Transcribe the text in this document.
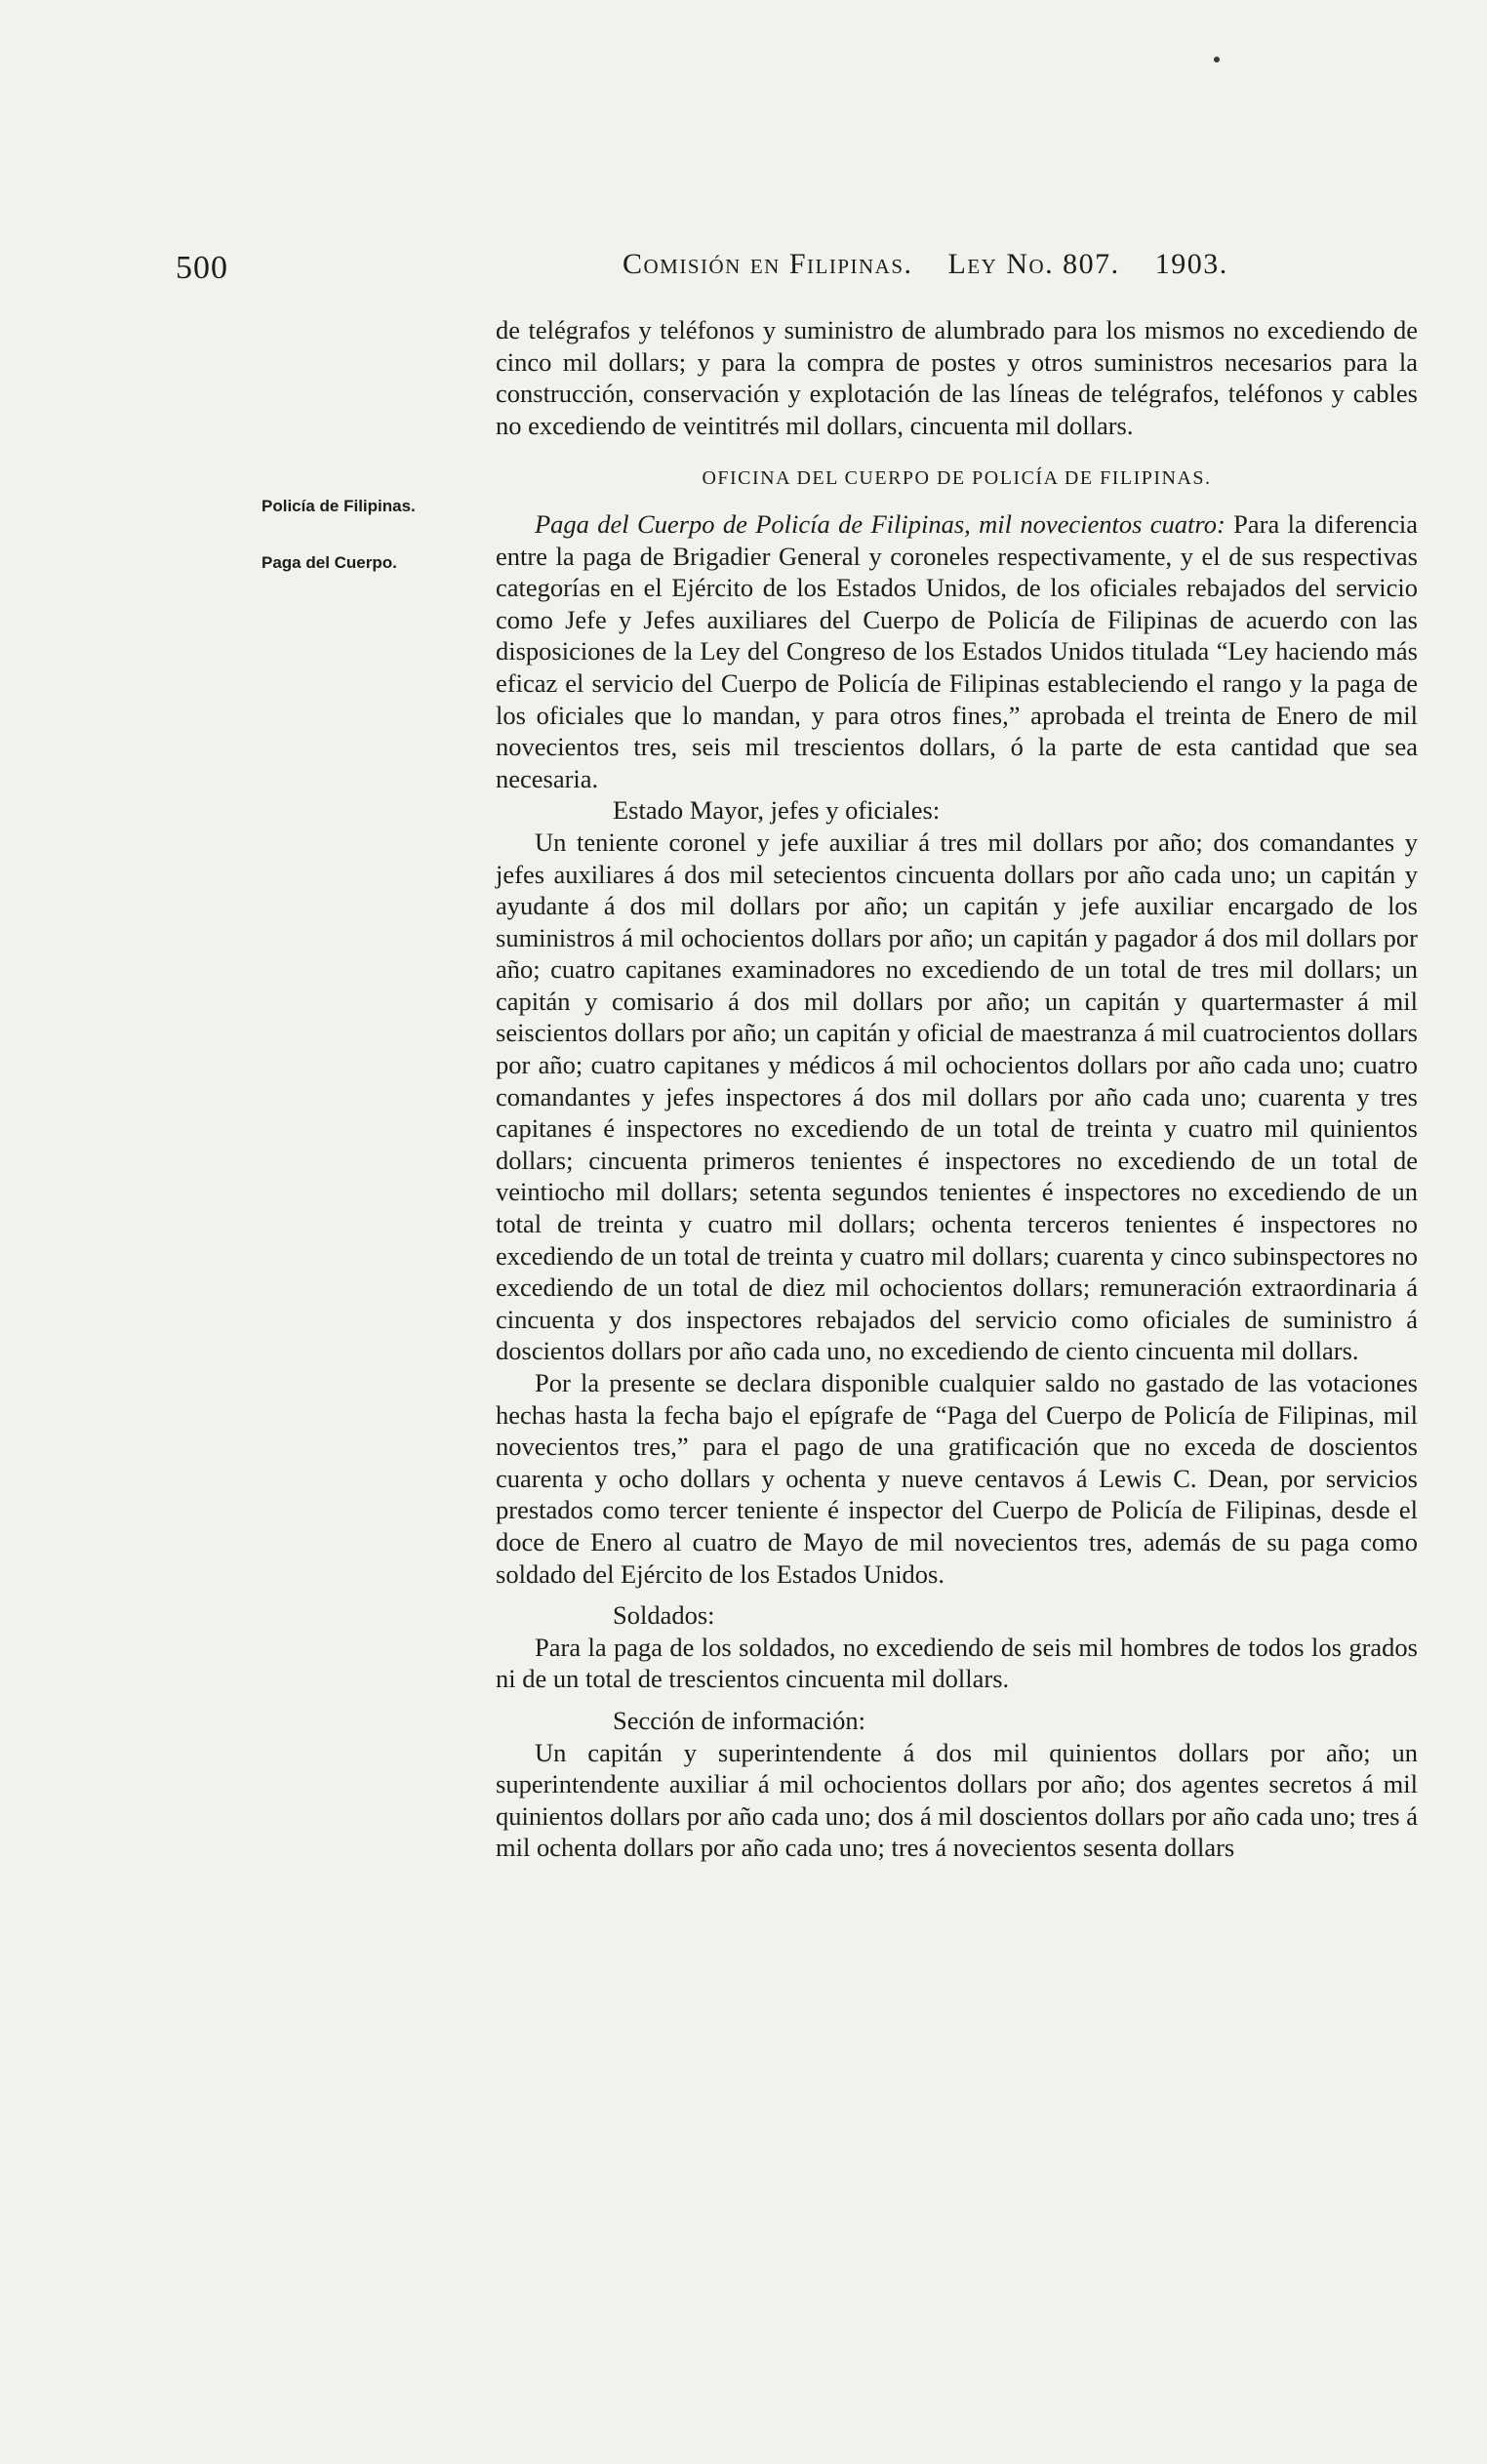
500	Comisión en Filipinas. Ley No. 807. 1903.
Policía de Filipinas.
Paga del Cuerpo.

de telégrafos y teléfonos y suministro de alumbrado para los mismos no excediendo de cinco mil dollars; y para la compra de postes y otros suministros necesarios para la construcción, conservación y explotación de las líneas de telégrafos, teléfonos y cables no excediendo de veintitrés mil dollars, cincuenta mil dollars.

OFICINA DEL CUERPO DE POLICÍA DE FILIPINAS.

Paga del Cuerpo de Policía de Filipinas, mil novecientos cuatro: Para la diferencia entre la paga de Brigadier General y coroneles respectivamente, y el de sus respectivas categorías en el Ejército de los Estados Unidos, de los oficiales rebajados del servicio como Jefe y Jefes auxiliares del Cuerpo de Policía de Filipinas de acuerdo con las disposiciones de la Ley del Congreso de los Estados Unidos titulada “Ley haciendo más eficaz el servicio del Cuerpo de Policía de Filipinas estableciendo el rango y la paga de los oficiales que lo mandan, y para otros fines,” aprobada el treinta de Enero de mil novecientos tres, seis mil trescientos dollars, ó la parte de esta cantidad que sea necesaria.

Estado Mayor, jefes y oficiales:

Un teniente coronel y jefe auxiliar á tres mil dollars por año; dos comandantes y jefes auxiliares á dos mil setecientos cincuenta dollars por año cada uno; un capitán y ayudante á dos mil dollars por año; un capitán y jefe auxiliar encargado de los suministros á mil ochocientos dollars por año; un capitán y pagador á dos mil dollars por año; cuatro capitanes examinadores no excediendo de un total de tres mil dollars; un capitán y comisario á dos mil dollars por año; un capitán y quartermaster á mil seiscientos dollars por año; un capitán y oficial de maestranza á mil cuatrocientos dollars por año; cuatro capitanes y médicos á mil ochocientos dollars por año cada uno; cuatro comandantes y jefes inspectores á dos mil dollars por año cada uno; cuarenta y tres capitanes é inspectores no excediendo de un total de treinta y cuatro mil quinientos dollars; cincuenta primeros tenientes é inspectores no excediendo de un total de veintiocho mil dollars; setenta segundos tenientes é inspectores no excediendo de un total de treinta y cuatro mil dollars; ochenta terceros tenientes é inspectores no excediendo de un total de treinta y cuatro mil dollars; cuarenta y cinco subinspectores no excediendo de un total de diez mil ochocientos dollars; remuneración extraordinaria á cincuenta y dos inspectores rebajados del servicio como oficiales de suministro á doscientos dollars por año cada uno, no excediendo de ciento cincuenta mil dollars.

Por la presente se declara disponible cualquier saldo no gastado de las votaciones hechas hasta la fecha bajo el epígrafe de “Paga del Cuerpo de Policía de Filipinas, mil novecientos tres,” para el pago de una gratificación que no exceda de doscientos cuarenta y ocho dollars y ochenta y nueve centavos á Lewis C. Dean, por servicios prestados como tercer teniente é inspector del Cuerpo de Policía de Filipinas, desde el doce de Enero al cuatro de Mayo de mil novecientos tres, además de su paga como soldado del Ejército de los Estados Unidos.

Soldados:

Para la paga de los soldados, no excediendo de seis mil hombres de todos los grados ni de un total de trescientos cincuenta mil dollars.

Sección de información:

Un capitán y superintendente á dos mil quinientos dollars por año; un superintendente auxiliar á mil ochocientos dollars por año; dos agentes secretos á mil quinientos dollars por año cada uno; dos á mil doscientos dollars por año cada uno; tres á mil ochenta dollars por año cada uno; tres á novecientos sesenta dollars
